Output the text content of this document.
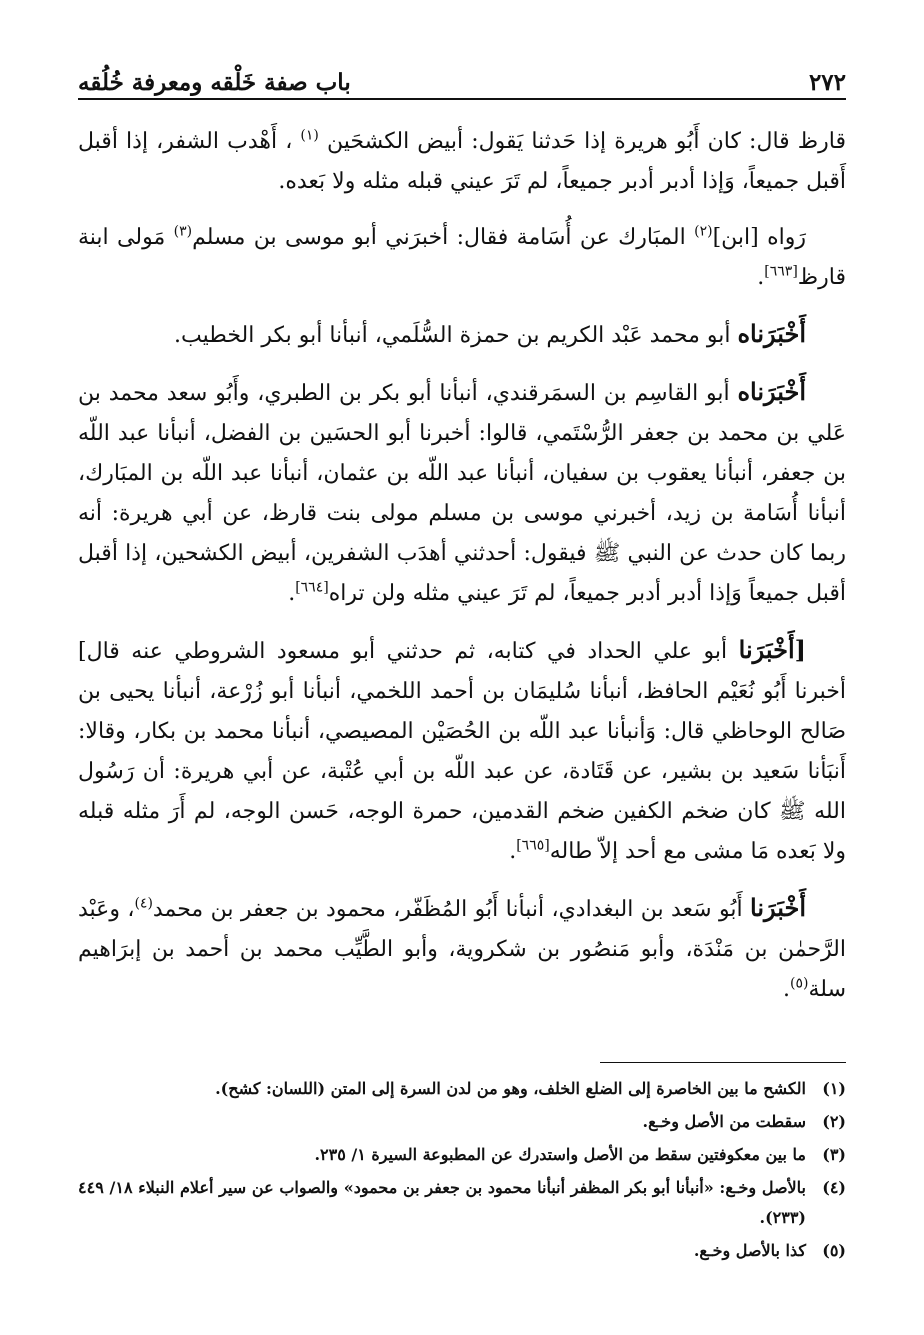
٢٧٢
باب صفة خَلْقه ومعرفة خُلُقه

قارظ قال: كان أَبُو هريرة إذا حَدثنا يَقول: أبيض الكشحَين $^{(١)}$ ، أَهْدب الشفر، إذا أقبل أَقبل جميعاً، وَإذا أدبر أدبر جميعاً، لم تَرَ عيني قبله مثله ولا بَعده.

رَواه [ابن]$^{(٢)}$ المبَارك عن أُسَامة فقال: أخبرَني أبو موسى بن مسلم$^{(٣)}$ مَولى ابنة قارظ[٦٦٣].

أَخْبَرَناه أبو محمد عَبْد الكريم بن حمزة السُّلَمي، أنبأنا أبو بكر الخطيب.

أَخْبَرَناه أبو القاسِم بن السمَرقندي، أنبأنا أبو بكر بن الطبري، وأَبُو سعد محمد بن عَلي بن محمد بن جعفر الرُّسْتَمي، قالوا: أخبرنا أبو الحسَين بن الفضل، أنبأنا عبد اللّه بن جعفر، أنبأنا يعقوب بن سفيان، أنبأنا عبد اللّه بن عثمان، أنبأنا عبد اللّه بن المبَارك، أنبأنا أُسَامة بن زيد، أخبرني موسى بن مسلم مولى بنت قارظ، عن أبي هريرة: أنه ربما كان حدث عن النبي ﷺ فيقول: أحدثني أهدَب الشفرين، أبيض الكشحين، إذا أقبل أقبل جميعاً وَإذا أدبر أدبر جميعاً، لم تَرَ عيني مثله ولن تراه[٦٦٤].

[أَخْبَرَنا أبو علي الحداد في كتابه، ثم حدثني أبو مسعود الشروطي عنه قال] أخبرنا أَبُو نُعَيْم الحافظ، أنبأنا سُليمَان بن أحمد اللخمي، أنبأنا أبو زُرْعة، أنبأنا يحيى بن صَالح الوحاظي قال: وَأنبأنا عبد اللّه بن الحُصَيْن المصيصي، أنبأنا محمد بن بكار، وقالا: أَنبَأنا سَعيد بن بشير، عن قَتَادة، عن عبد اللّه بن أبي عُتْبة، عن أبي هريرة: أن رَسُول الله ﷺ كان ضخم الكفين ضخم القدمين، حمرة الوجه، حَسن الوجه، لم أَرَ مثله قبله ولا بَعده مَا مشى مع أحد إلاّ طاله[٦٦٥].

أَخْبَرَنا أَبُو سَعد بن البغدادي، أنبأنا أَبُو المُظَفّر، محمود بن جعفر بن محمد$^{(٤)}$، وعَبْد الرَّحمٰن بن مَنْدَة، وأبو مَنصُور بن شكروية، وأبو الطَّيِّب محمد بن أحمد بن إبرَاهيم سلة$^{(٥)}$.

(١)
الكشح ما بين الخاصرة إلى الضلع الخلف، وهو من لدن السرة إلى المتن (اللسان: كشح).
(٢)
سقطت من الأصل وخـع.
(٣)
ما بين معكوفتين سقط من الأصل واستدرك عن المطبوعة السيرة ١/ ٢٣٥.
(٤)
بالأصل وخـع: «أنبأنا أبو بكر المظفر أنبأنا محمود بن جعفر بن محمود» والصواب عن سير أعلام النبلاء ١٨/ ٤٤٩ (٢٣٣).
(٥)
كذا بالأصل وخـع.
